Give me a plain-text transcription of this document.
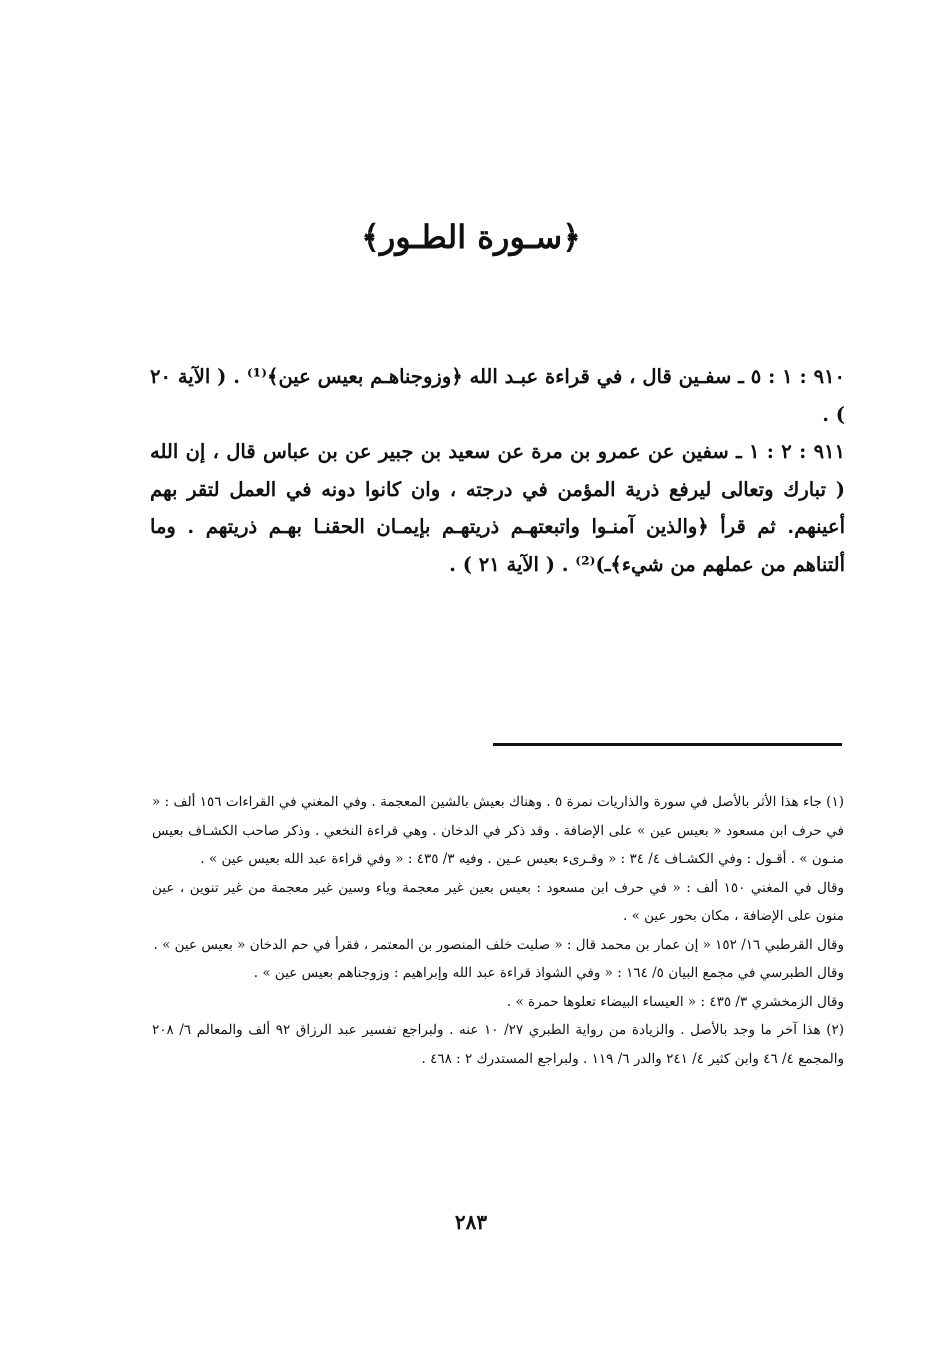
﴿سـورة الطـور﴾

٩١٠ : ١ : ٥ ـ سفـين قال ، في قراءة عبـد الله ﴿وزوجناهـم بعيس عين﴾⁽¹⁾ . ( الآية ٢٠ ) .

٩١١ : ٢ : ١ ـ سفين عن عمرو بن مرة عن سعيد بن جبير عن بن عباس قال ، إن الله ( تبارك وتعالى ليرفع ذرية المؤمن في درجته ، وان كانوا دونه في العمل لتقر بهم أعينهم. ثم قرأ ﴿والذين آمنـوا واتبعتهـم ذريتهـم بإيمـان الحقنـا بهـم ذريتهم . وما ألتناهم من عملهم من شيء﴾ـ)⁽²⁾ . ( الآية ٢١ ) .

(١) جاء هذا الأثر بالأصل في سورة والذاريات نمرة ٥ . وهناك بعيش بالشين المعجمة . وفي المغني في القراءات ١٥٦ ألف : « في حرف ابن مسعود « بعيس عين » على الإضافة . وقد ذكر في الدخان . وهي قراءة النخعي . وذكر صاحب الكشـاف بعيس منـون » . أقـول : وفي الكشـاف ٤/ ٣٤ : « وقـرىء بعيس عـين . وفيه ٣/ ٤٣٥ : « وفي قراءة عبد الله بعيس عين » .

وقال في المغني ١٥٠ ألف : « في حرف ابن مسعود : بعيس بعين غير معجمة وياء وسين غير معجمة من غير تنوين ، عين منون على الإضافة ، مكان بحور عين » .

وقال القرطبي ١٦/ ١٥٢ « إن عمار بن محمد قال : « صليت خلف المنصور بن المعتمر ، فقرأ في حم الدخان « بعيس عين » .

وقال الطبرسي في مجمع البيان ٥/ ١٦٤ : « وفي الشواذ قراءة عبد الله وإبراهيم : وزوجناهم بعيس عين » .

وقال الزمخشري ٣/ ٤٣٥ : « العيساء البيضاء تعلوها حمرة » .

(٢) هذا آخر ما وجد بالأصل . والزيادة من رواية الطبري ٢٧/ ١٠ عنه . ولبراجع تفسير عبد الرزاق ٩٢ ألف والمعالم ٦/ ٢٠٨ والمجمع ٤/ ٤٦ وابن كثير ٤/ ٢٤١ والدر ٦/ ١١٩ . ولبراجع المستدرك ٢ : ٤٦٨ .

٢٨٣
